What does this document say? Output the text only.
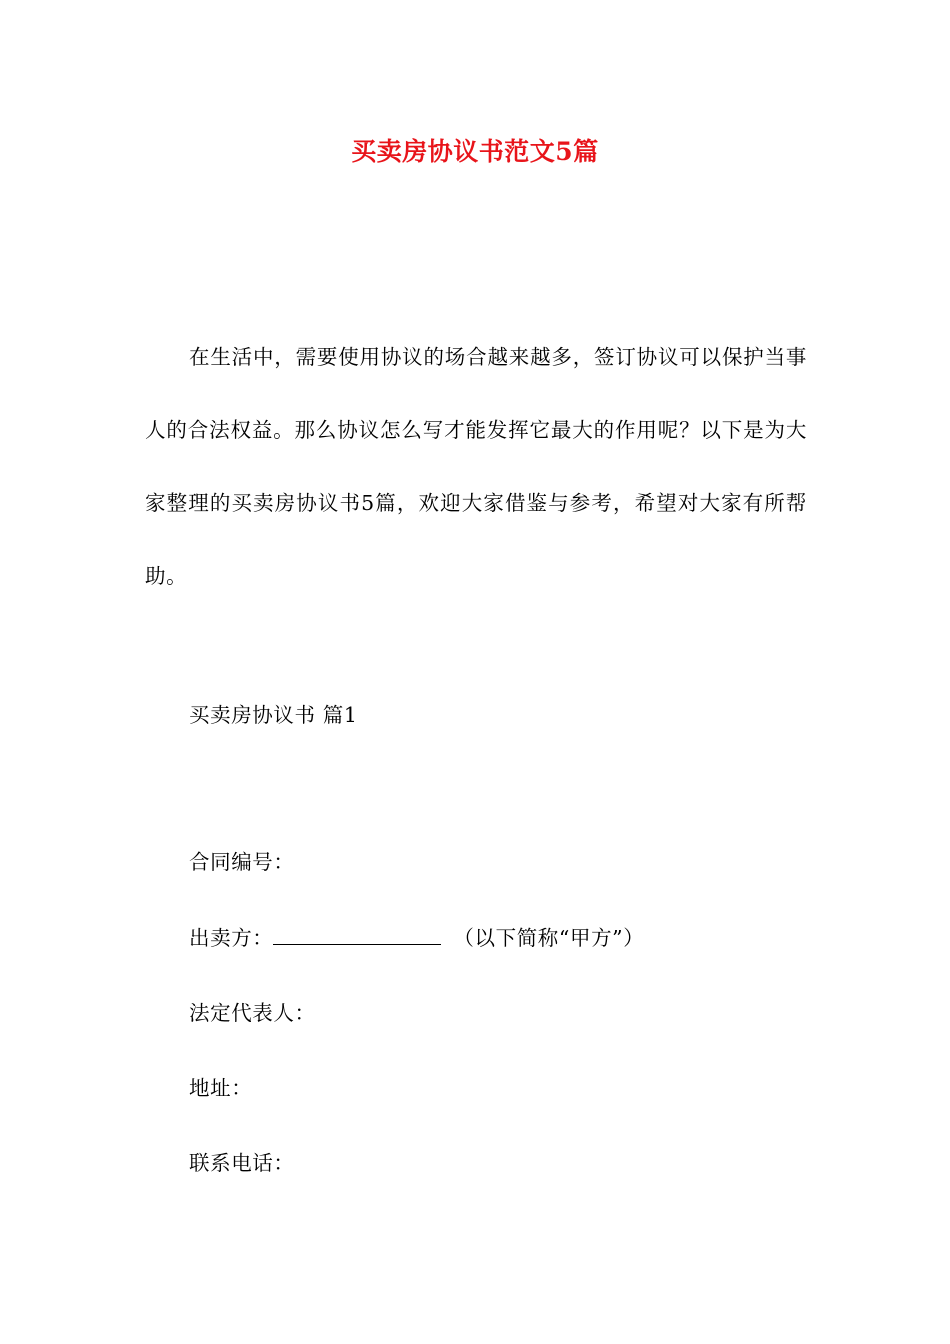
买卖房协议书范文5篇

在生活中，需要使用协议的场合越来越多，签订协议可以保护当事人的合法权益。那么协议怎么写才能发挥它最大的作用呢？以下是为大家整理的买卖房协议书5篇，欢迎大家借鉴与参考，希望对大家有所帮助。

买卖房协议书 篇1

合同编号：

出卖方：	（以下简称“甲方”）

法定代表人：

地址：

联系电话：
